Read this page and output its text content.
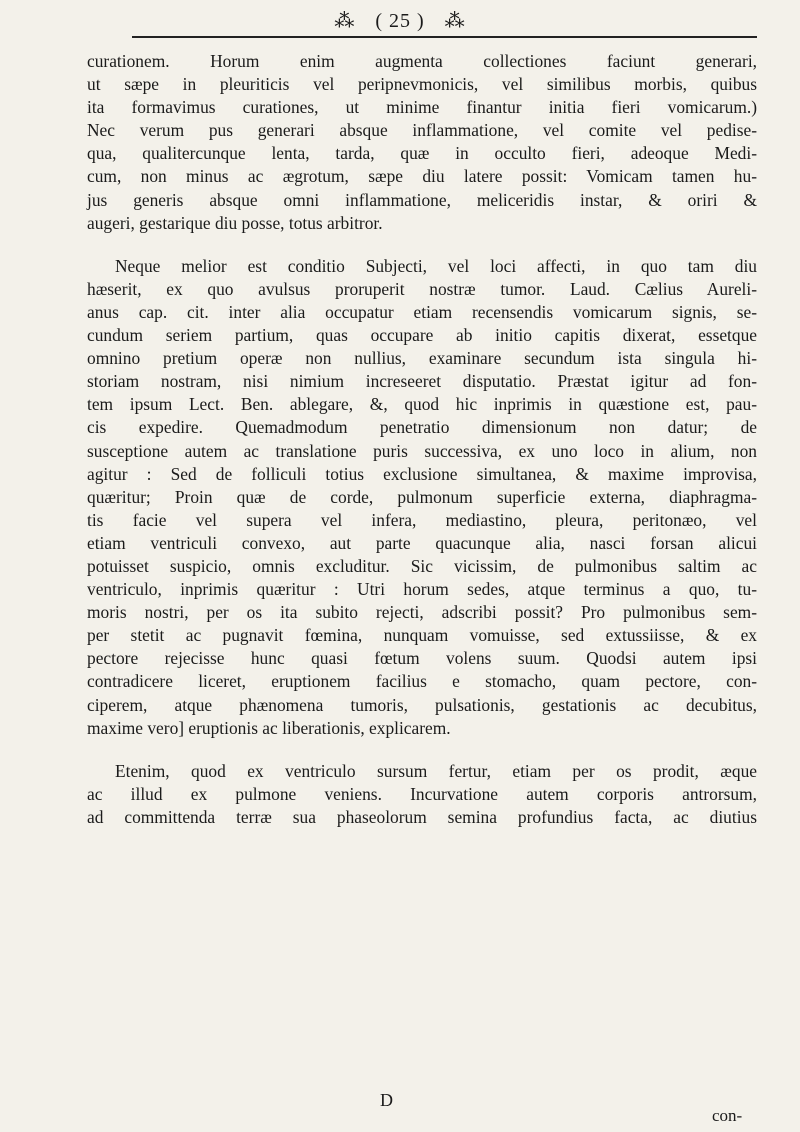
⁂ ( 25 ) ⁂
curationem. Horum enim augmenta collectiones faciunt generari,
ut sæpe in pleuriticis vel peripnevmonicis, vel similibus morbis, quibus
ita formavimus curationes, ut minime finantur initia fieri vomicarum.)
Nec verum pus generari absque inflammatione, vel comite vel pedise-
qua, qualitercunque lenta, tarda, quæ in occulto fieri, adeoque Medi-
cum, non minus ac ægrotum, sæpe diu latere possit: Vomicam tamen hu-
jus generis absque omni inflammatione, meliceridis instar, & oriri &
augeri, gestarique diu posse, totus arbitror.
Neque melior est conditio Subjecti, vel loci affecti, in quo tam diu
hæserit, ex quo avulsus proruperit nostræ tumor. Laud. Cælius Aureli-
anus cap. cit. inter alia occupatur etiam recensendis vomicarum signis, se-
cundum seriem partium, quas occupare ab initio capitis dixerat, essetque
omnino pretium operæ non nullius, examinare secundum ista singula hi-
storiam nostram, nisi nimium increseeret disputatio. Præstat igitur ad fon-
tem ipsum Lect. Ben. ablegare, &, quod hic inprimis in quæstione est, pau-
cis expedire. Quemadmodum penetratio dimensionum non datur; de
susceptione autem ac translatione puris successiva, ex uno loco in alium, non
agitur : Sed de folliculi totius exclusione simultanea, & maxime improvisa,
quæritur; Proin quæ de corde, pulmonum superficie externa, diaphragma-
tis facie vel supera vel infera, mediastino, pleura, peritonæo, vel
etiam ventriculi convexo, aut parte quacunque alia, nasci forsan alicui
potuisset suspicio, omnis excluditur. Sic vicissim, de pulmonibus saltim ac
ventriculo, inprimis quæritur : Utri horum sedes, atque terminus a quo, tu-
moris nostri, per os ita subito rejecti, adscribi possit? Pro pulmonibus sem-
per stetit ac pugnavit fœmina, nunquam vomuisse, sed extussiisse, & ex
pectore rejecisse hunc quasi fœtum volens suum. Quodsi autem ipsi
contradicere liceret, eruptionem facilius e stomacho, quam pectore, con-
ciperem, atque phænomena tumoris, pulsationis, gestationis ac decubitus,
maxime vero] eruptionis ac liberationis, explicarem.
Etenim, quod ex ventriculo sursum fertur, etiam per os prodit, æque
ac illud ex pulmone veniens. Incurvatione autem corporis antrorsum,
ad committenda terræ sua phaseolorum semina profundius facta, ac diutius
D
con-
